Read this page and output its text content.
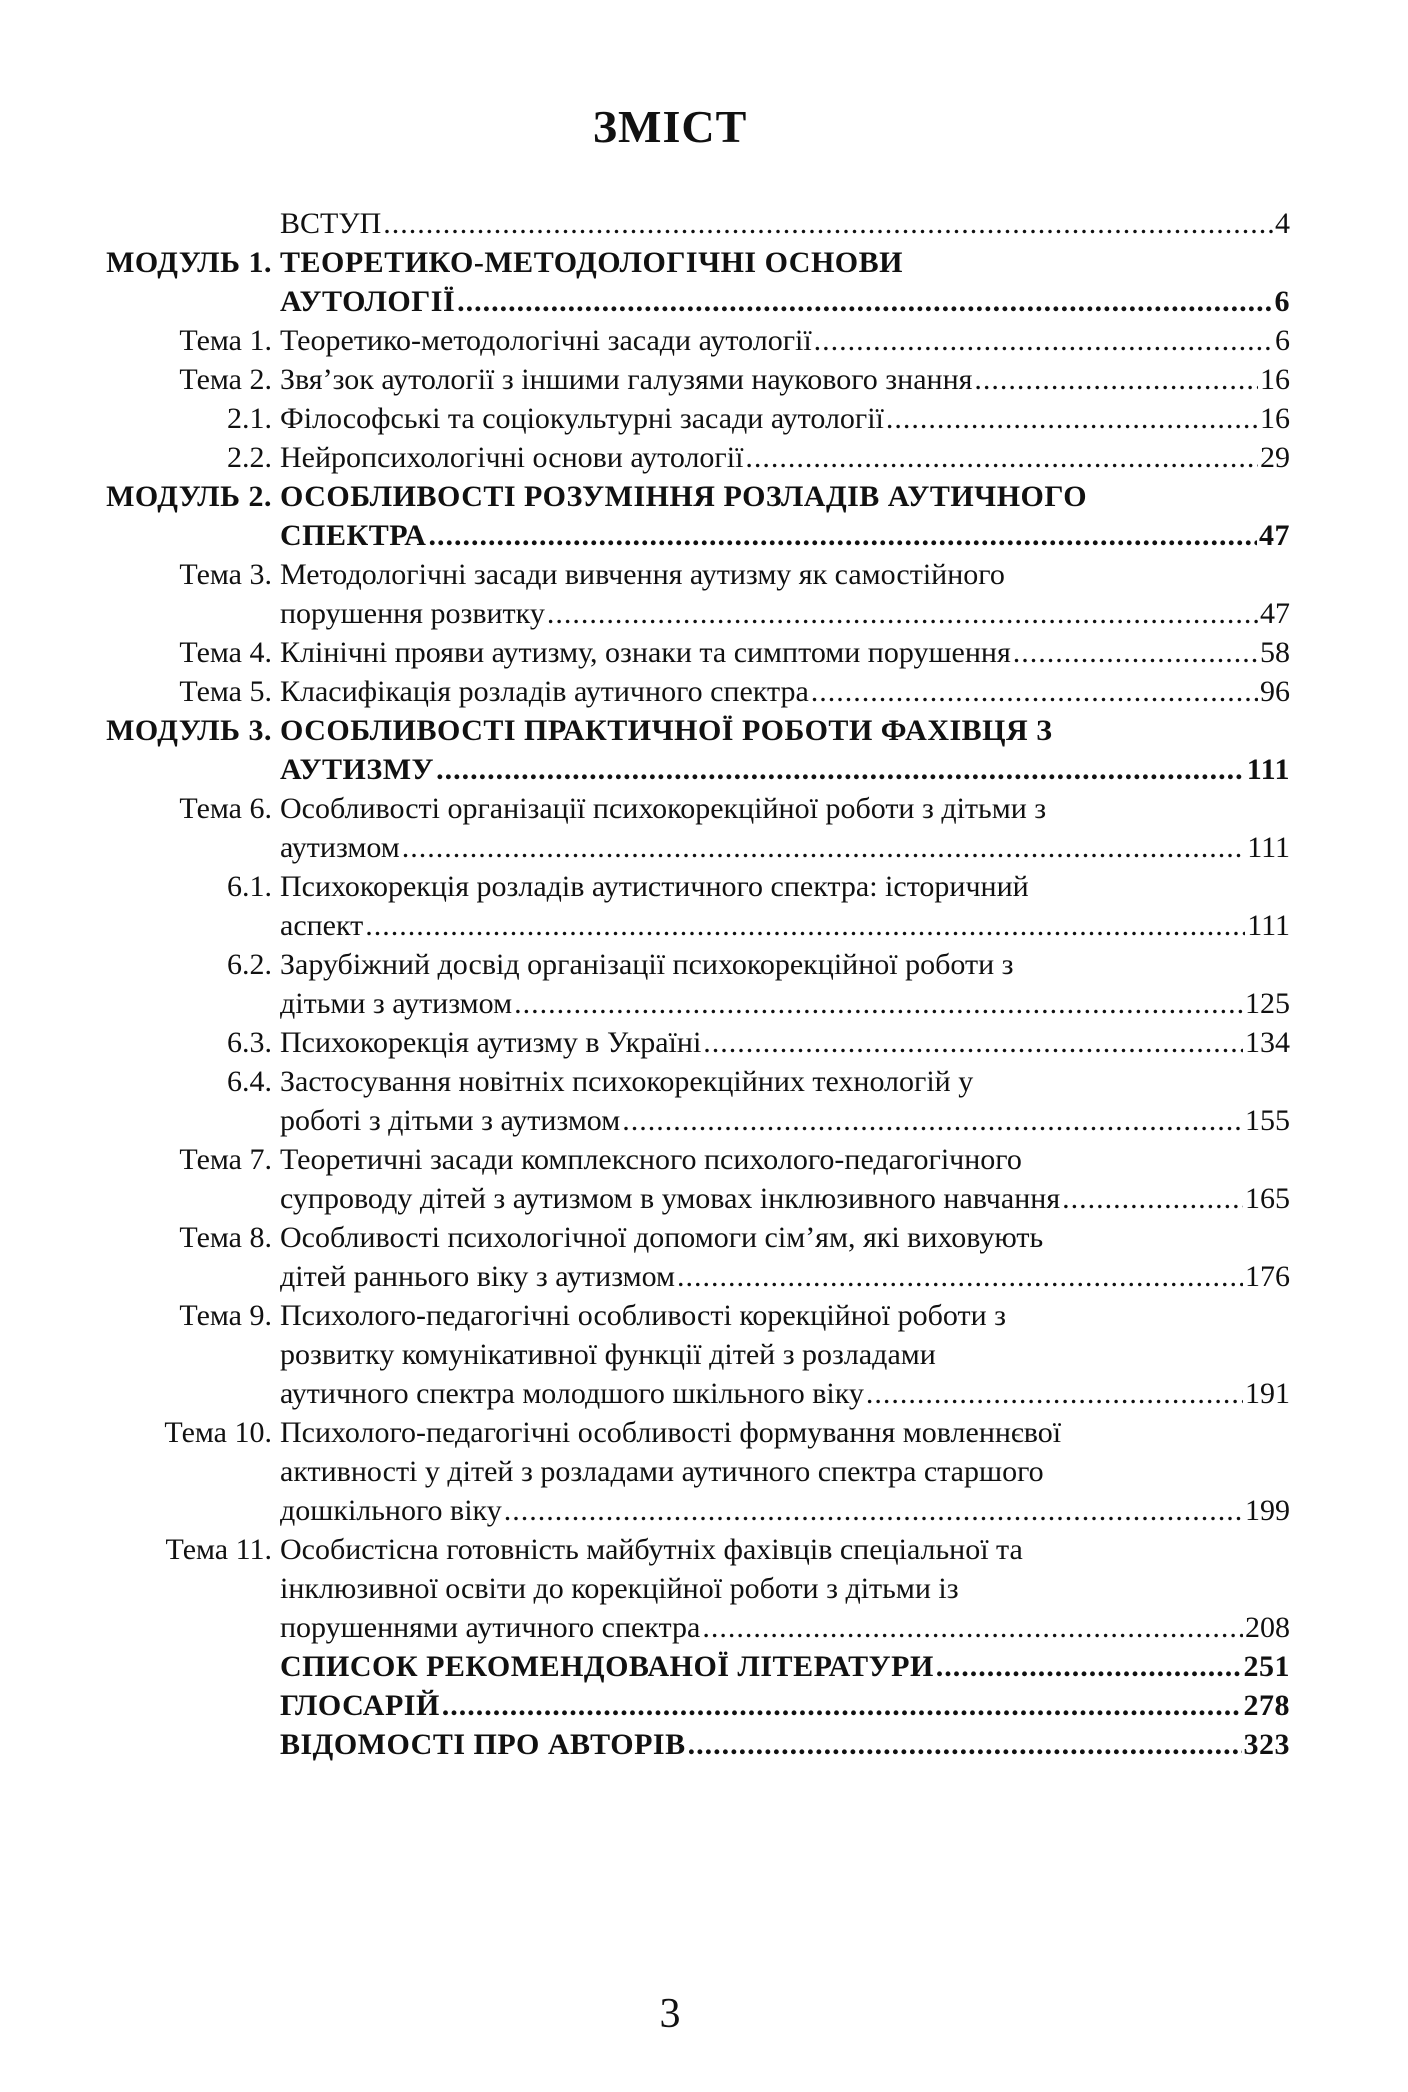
ЗМІСТ
ВСТУП .....	4
МОДУЛЬ 1. ТЕОРЕТИКО-МЕТОДОЛОГІЧНІ ОСНОВИ
АУТОЛОГІЇ .....	6
Тема 1. Теоретико-методологічні засади аутології .....	6
Тема 2. Звя’зок аутології з іншими галузями наукового знання .....	16
2.1. Філософські та соціокультурні засади аутології .....	16
2.2. Нейропсихологічні основи аутології .....	29
МОДУЛЬ 2. ОСОБЛИВОСТІ РОЗУМІННЯ РОЗЛАДІВ АУТИЧНОГО
СПЕКТРА .....	47
Тема 3. Методологічні засади вивчення аутизму як самостійного
порушення розвитку .....	47
Тема 4. Клінічні прояви аутизму, ознаки та симптоми порушення .....	58
Тема 5. Класифікація розладів аутичного спектра .....	96
МОДУЛЬ 3. ОСОБЛИВОСТІ ПРАКТИЧНОЇ РОБОТИ ФАХІВЦЯ З
АУТИЗМУ .....	111
Тема 6. Особливості організації психокорекційної роботи з дітьми з
аутизмом .....	111
6.1. Психокорекція розладів аутистичного спектра: історичний
аспект .....	111
6.2. Зарубіжний досвід організації психокорекційної роботи з
дітьми з аутизмом .....	125
6.3. Психокорекція аутизму в Україні .....	134
6.4. Застосування новітніх психокорекційних технологій у
роботі з дітьми з аутизмом .....	155
Тема 7. Теоретичні засади комплексного психолого-педагогічного
супроводу дітей з аутизмом в умовах інклюзивного навчання .....	165
Тема 8. Особливості психологічної допомоги сім’ям, які виховують
дітей раннього віку з аутизмом .....	176
Тема 9. Психолого-педагогічні особливості корекційної роботи з
розвитку комунікативної функції дітей з розладами
аутичного спектра молодшого шкільного віку .....	191
Тема 10. Психолого-педагогічні особливості формування мовленнєвої
активності у дітей з розладами аутичного спектра старшого
дошкільного віку .....	199
Тема 11. Особистісна готовність майбутніх фахівців спеціальної та
інклюзивної освіти до корекційної роботи з дітьми із
порушеннями аутичного спектра .....	208
СПИСОК РЕКОМЕНДОВАНОЇ ЛІТЕРАТУРИ .....	251
ГЛОСАРІЙ .....	278
ВІДОМОСТІ ПРО АВТОРІВ .....	323
3
